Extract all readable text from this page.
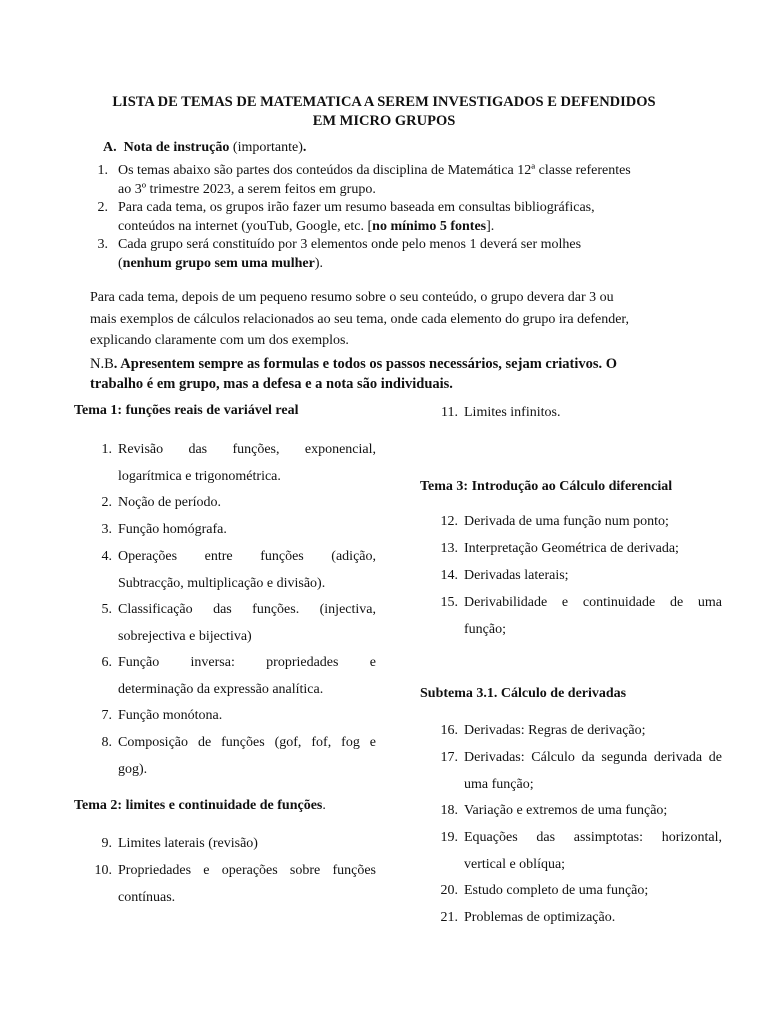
LISTA DE TEMAS DE MATEMATICA A SEREM INVESTIGADOS E DEFENDIDOS
EM MICRO GRUPOS
A. Nota de instrução (importante).
1. Os temas abaixo são partes dos conteúdos da disciplina de Matemática 12ª classe referentes
ao 3º trimestre 2023, a serem feitos em grupo.
2. Para cada tema, os grupos irão fazer um resumo baseada em consultas bibliográficas,
conteúdos na internet (youTub, Google, etc. [no mínimo 5 fontes].
3. Cada grupo será constituído por 3 elementos onde pelo menos 1 deverá ser molhes
(nenhum grupo sem uma mulher).
Para cada tema, depois de um pequeno resumo sobre o seu conteúdo, o grupo devera dar 3 ou
mais exemplos de cálculos relacionados ao seu tema, onde cada elemento do grupo ira defender,
explicando claramente com um dos exemplos.
N.B. Apresentem sempre as formulas e todos os passos necessários, sejam criativos. O
trabalho é em grupo, mas a defesa e a nota são individuais.
Tema 1: funções reais de variável real
1. Revisão das funções, exponencial,
logarítmica e trigonométrica.
2. Noção de período.
3. Função homógrafa.
4. Operações entre funções (adição,
Subtracção, multiplicação e divisão).
5. Classificação das funções. (injectiva,
sobrejectiva e bijectiva)
6. Função inversa: propriedades e
determinação da expressão analítica.
7. Função monótona.
8. Composição de funções (gof, fof, fog e
gog).
Tema 2: limites e continuidade de funções.
9. Limites laterais (revisão)
10. Propriedades e operações sobre funções
contínuas.
11. Limites infinitos.
Tema 3: Introdução ao Cálculo diferencial
12. Derivada de uma função num ponto;
13. Interpretação Geométrica de derivada;
14. Derivadas laterais;
15. Derivabilidade e continuidade de uma
função;
Subtema 3.1. Cálculo de derivadas
16. Derivadas: Regras de derivação;
17. Derivadas: Cálculo da segunda derivada de
uma função;
18. Variação e extremos de uma função;
19. Equações das assimptotas: horizontal,
vertical e oblíqua;
20. Estudo completo de uma função;
21. Problemas de optimização.
